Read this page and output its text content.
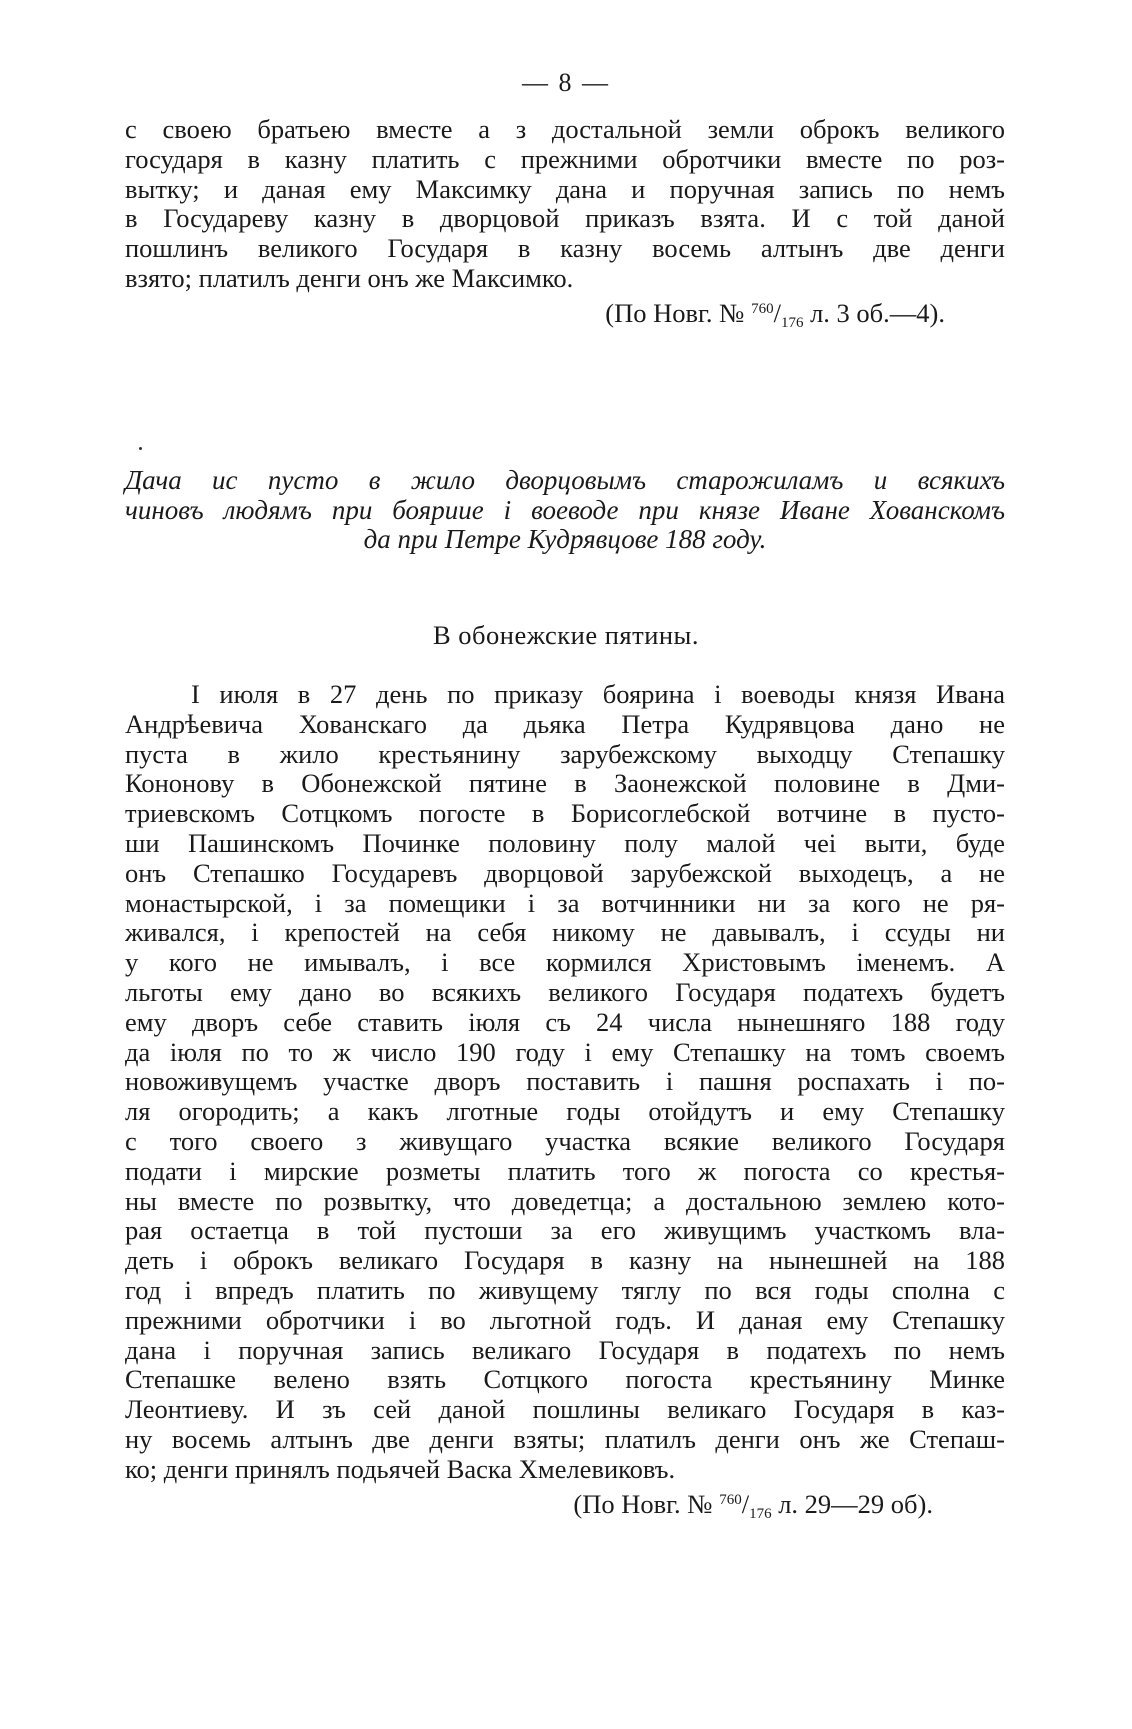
— 8 —
с своею братьею вместе а з достальной земли оброкъ великого
государя в казну платить с прежними обротчики вместе по роз-
вытку; и даная ему Максимку дана и поручная запись по немъ
в Государеву казну в дворцовой приказъ взята. И с той даной
пошлинъ великого Государя в казну восемь алтынъ две денги
взято; платилъ денги онъ же Максимко.
(По Новг. № $^{760}/_{176}$ л. 3 об.—4).
Дача ис пусто в жило дворцовымъ старожиламъ и всякихъ
чиновъ людямъ при бояриие і воеводе при князе Иване Хованскомъ
да при Петре Кудрявцове 188 году.
В обонежские пятины.
І июля в 27 день по приказу боярина і воеводы князя Ивана
Андрѣевича Хованскаго да дьяка Петра Кудрявцова дано не
пуста в жило крестьянину зарубежскому выходцу Степашку
Кононову в Обонежской пятине в Заонежской половине в Дми-
триевскомъ Сотцкомъ погосте в Борисоглебской вотчине в пусто-
ши Пашинскомъ Починке половину полу малой чеі выти, буде
онъ Степашко Государевъ дворцовой зарубежской выходецъ, а не
монастырской, і за помещики і за вотчинники ни за кого не ря-
живался, і крепостей на себя никому не давывалъ, і ссуды ни
у кого не имывалъ, і все кормился Христовымъ іменемъ. А
льготы ему дано во всякихъ великого Государя податехъ будетъ
ему дворъ себе ставить іюля съ 24 числа нынешняго 188 году
да іюля по то ж число 190 году і ему Степашку на томъ своемъ
новоживущемъ участке дворъ поставить і пашня роспахать і по-
ля огородить; а какъ лготные годы отойдутъ и ему Степашку
с того своего з живущаго участка всякие великого Государя
подати і мирские розметы платить того ж погоста со крестья-
ны вместе по розвытку, что доведетца; а достальною землею кото-
рая остаетца в той пустоши за его живущимъ участкомъ вла-
деть і оброкъ великаго Государя в казну на нынешней на 188
год і впредъ платить по живущему тяглу по вся годы сполна с
прежними обротчики і во льготной годъ. И даная ему Степашку
дана і поручная запись великаго Государя в податехъ по немъ
Степашке велено взять Сотцкого погоста крестьянину Минке
Леонтиеву. И зъ сей даной пошлины великаго Государя в каз-
ну восемь алтынъ две денги взяты; платилъ денги онъ же Степаш-
ко; денги принялъ подьячей Васка Хмелевиковъ.
(По Новг. № $^{760}/_{176}$ л. 29—29 об).
